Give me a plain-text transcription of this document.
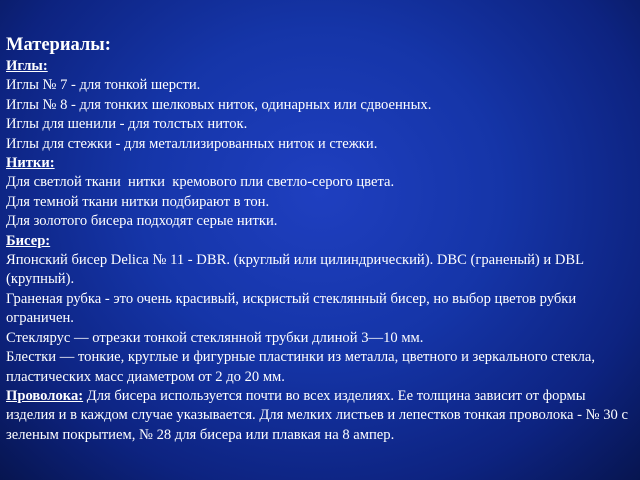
Материалы:
Иглы:
Иглы № 7 - для тонкой шерсти.
Иглы № 8 - для тонких шелковых ниток, одинарных или сдвоенных.
Иглы для шенили - для толстых ниток.
Иглы для стежки - для металлизированных ниток и стежки.
Нитки:
Для светлой ткани  нитки  кремового пли светло-серого цвета.
Для темной ткани нитки подбирают в тон.
Для золотого бисера подходят серые нитки.
Бисер:
Японский бисер Delica № 11 - DBR. (круглый или цилиндрический). DBC (граненый) и DBL (крупный).
Граненая рубка - это очень красивый, искристый стеклянный бисер, но выбор цветов рубки ограничен.
Стеклярус — отрезки тонкой стеклянной трубки длиной 3—10 мм.
Блестки — тонкие, круглые и фигурные пластинки из металла, цветного и зеркального стекла, пластических масс диаметром от 2 до 20 мм.
Проволока: Для бисера используется почти во всех изделиях. Ее толщина зависит от формы изделия и в каждом случае указывается. Для мелких листьев и лепестков тонкая проволока - № 30 с зеленым покрытием, № 28 для бисера или плавкая на 8 ампер.
